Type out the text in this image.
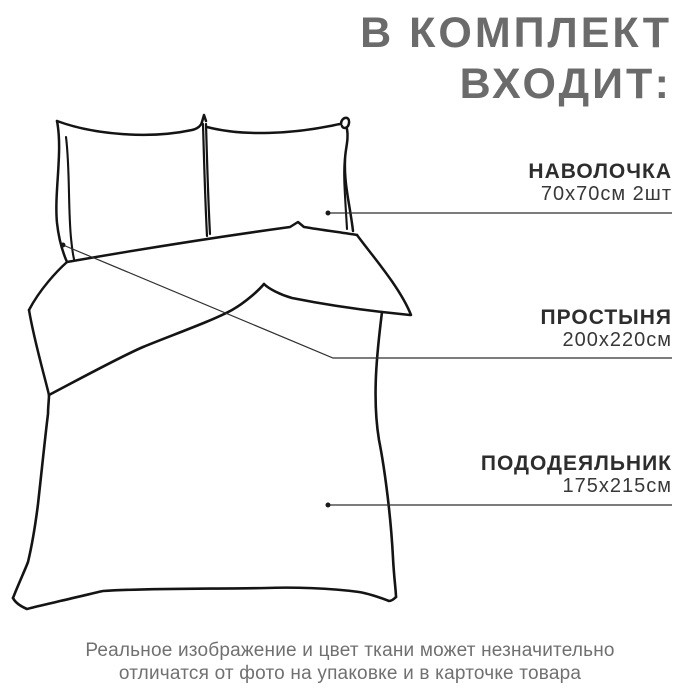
В КОМПЛЕКТ
ВХОДИТ:
НАВОЛОЧКА
70х70см 2шт
ПРОСТЫНЯ
200х220см
ПОДОДЕЯЛЬНИК
175х215см
Реальное изображение и цвет ткани может незначительно
отличатся от фото на упаковке и в карточке товара
